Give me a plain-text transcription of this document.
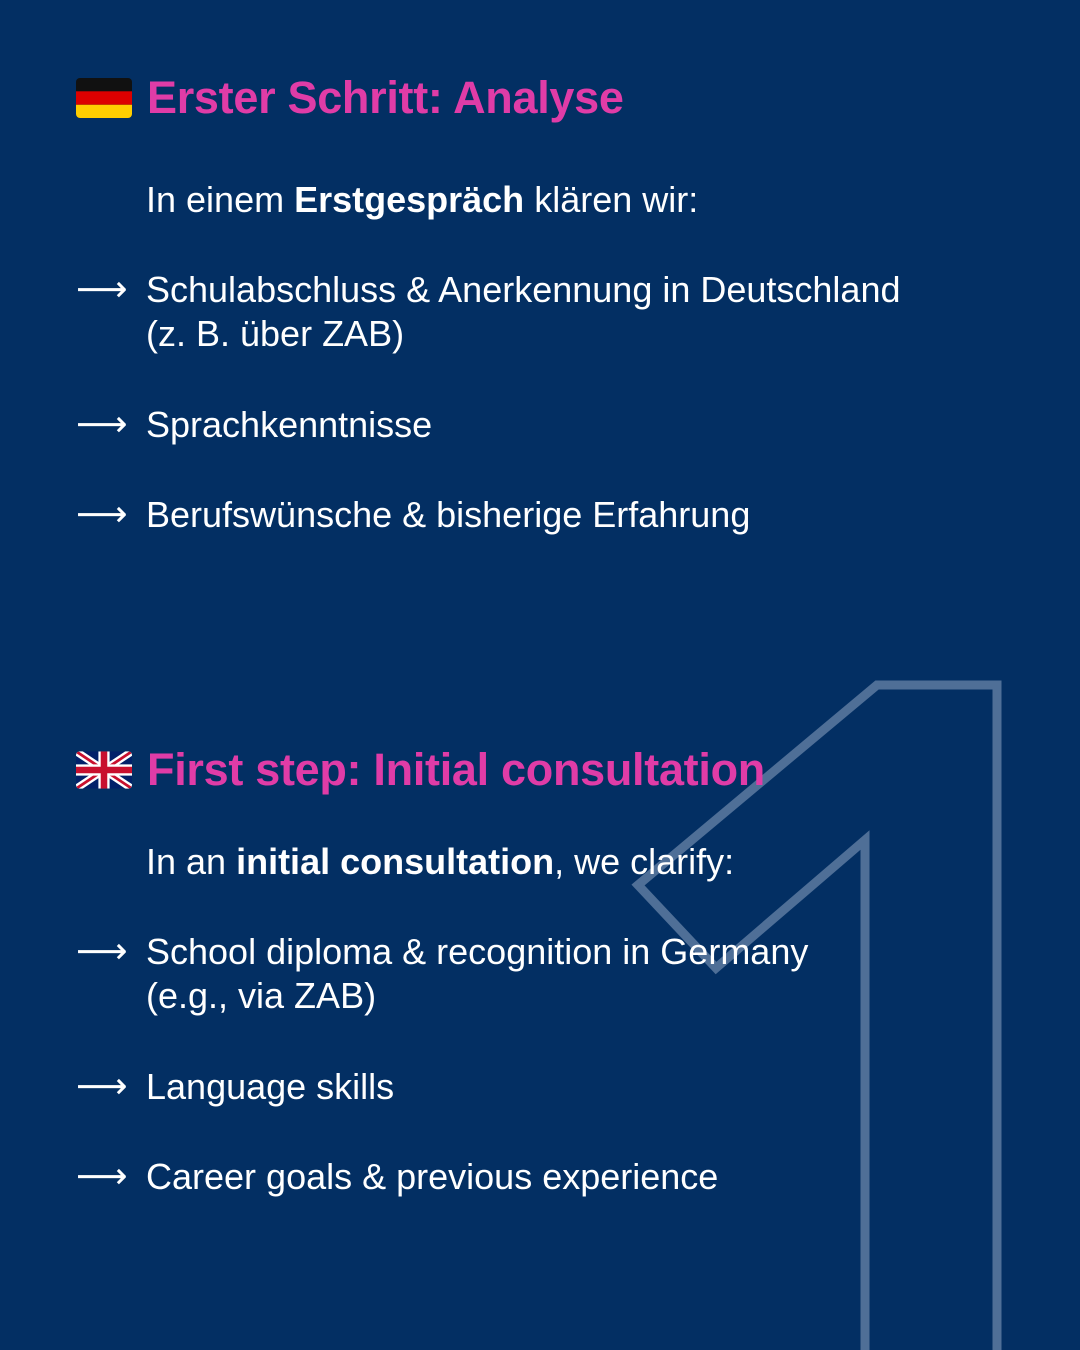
Erster Schritt: Analyse
In einem Erstgespräch klären wir:
⟶ Schulabschluss & Anerkennung in Deutschland
(z. B. über ZAB)
⟶ Sprachkenntnisse
⟶ Berufswünsche & bisherige Erfahrung
First step: Initial consultation
In an initial consultation, we clarify:
⟶ School diploma & recognition in Germany
(e.g., via ZAB)
⟶ Language skills
⟶ Career goals & previous experience
